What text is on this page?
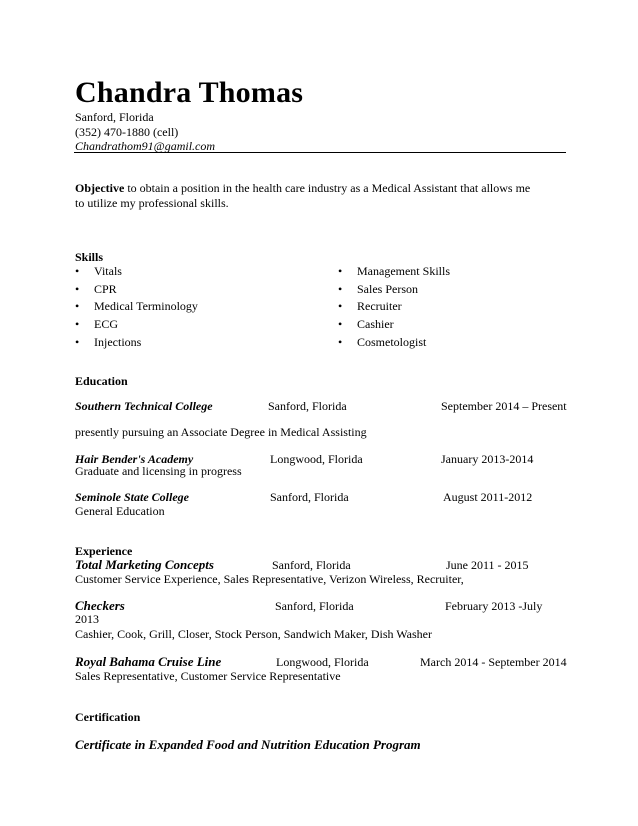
Chandra Thomas
Sanford, Florida
(352) 470-1880 (cell)
Chandrathom91@gamil.com
Objective to obtain a position in the health care industry as a Medical Assistant that allows me
to utilize my professional skills.
Skills
• Vitals
• CPR
• Medical Terminology
• ECG
• Injections
• Management Skills
• Sales Person
• Recruiter
• Cashier
• Cosmetologist
Education
Southern Technical College	Sanford, Florida	September 2014 – Present
presently pursuing an Associate Degree in Medical Assisting
Hair Bender's Academy	Longwood, Florida	January 2013-2014
Graduate and licensing in progress
Seminole State College	Sanford, Florida	August 2011-2012
General Education
Experience
Total Marketing Concepts	Sanford, Florida	June 2011 - 2015
Customer Service Experience, Sales Representative, Verizon Wireless, Recruiter,
Checkers	Sanford, Florida	February 2013 -July
2013
Cashier, Cook, Grill, Closer, Stock Person, Sandwich Maker, Dish Washer
Royal Bahama Cruise Line	Longwood, Florida	March 2014 - September 2014
Sales Representative, Customer Service Representative
Certification
Certificate in Expanded Food and Nutrition Education Program
